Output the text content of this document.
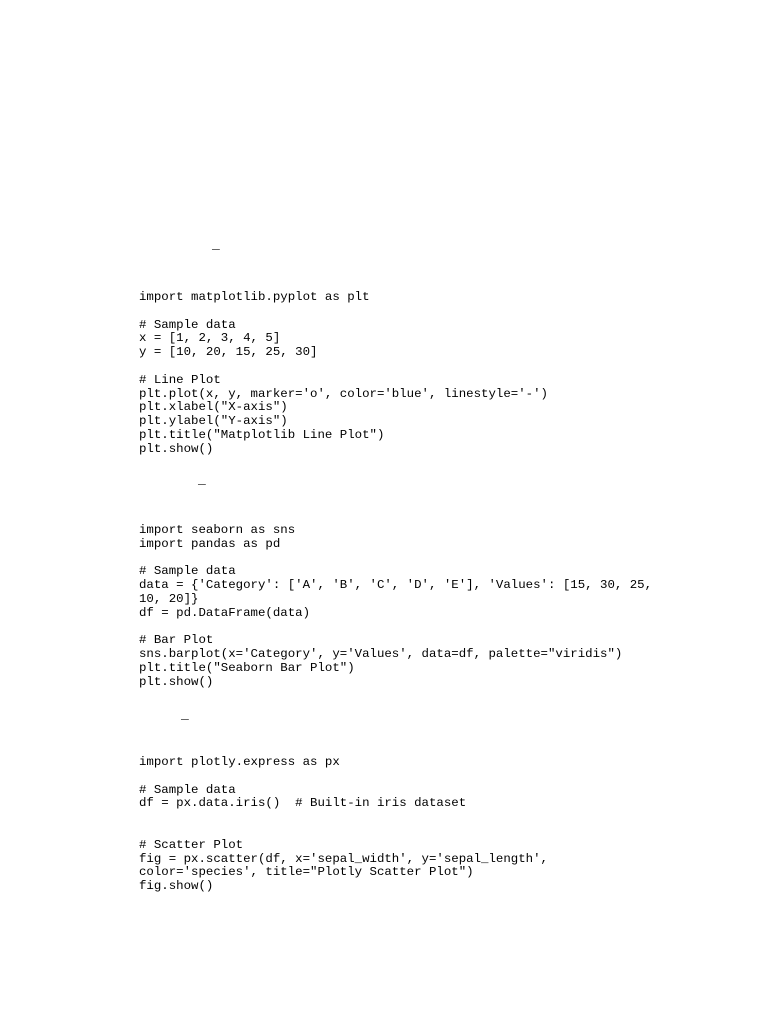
_
import matplotlib.pyplot as plt
# Sample data
x = [1, 2, 3, 4, 5]
y = [10, 20, 15, 25, 30]
# Line Plot
plt.plot(x, y, marker='o', color='blue', linestyle='-')
plt.xlabel("X-axis")
plt.ylabel("Y-axis")
plt.title("Matplotlib Line Plot")
plt.show()
_
import seaborn as sns
import pandas as pd
# Sample data
data = {'Category': ['A', 'B', 'C', 'D', 'E'], 'Values': [15, 30, 25,
10, 20]}
df = pd.DataFrame(data)
# Bar Plot
sns.barplot(x='Category', y='Values', data=df, palette="viridis")
plt.title("Seaborn Bar Plot")
plt.show()
_
import plotly.express as px
# Sample data
df = px.data.iris()  # Built-in iris dataset
# Scatter Plot
fig = px.scatter(df, x='sepal_width', y='sepal_length',
color='species', title="Plotly Scatter Plot")
fig.show()
